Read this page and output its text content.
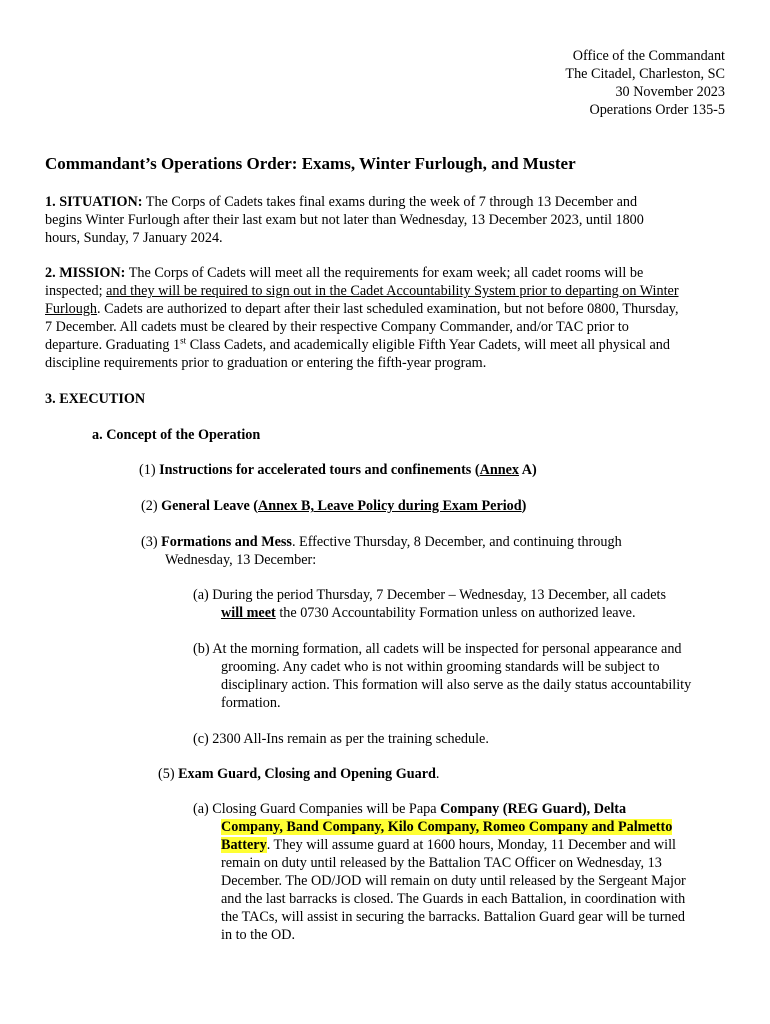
Office of the Commandant
The Citadel, Charleston, SC
30 November 2023
Operations Order 135-5
Commandant’s Operations Order: Exams, Winter Furlough, and Muster
1. SITUATION: The Corps of Cadets takes final exams during the week of 7 through 13 December and
begins Winter Furlough after their last exam but not later than Wednesday, 13 December 2023, until 1800
hours, Sunday, 7 January 2024.
2. MISSION: The Corps of Cadets will meet all the requirements for exam week; all cadet rooms will be
inspected; and they will be required to sign out in the Cadet Accountability System prior to departing on Winter
Furlough. Cadets are authorized to depart after their last scheduled examination, but not before 0800, Thursday,
7 December. All cadets must be cleared by their respective Company Commander, and/or TAC prior to
departure. Graduating 1st Class Cadets, and academically eligible Fifth Year Cadets, will meet all physical and
discipline requirements prior to graduation or entering the fifth-year program.
3. EXECUTION
a. Concept of the Operation
(1) Instructions for accelerated tours and confinements (Annex A)
(2) General Leave (Annex B, Leave Policy during Exam Period)
(3) Formations and Mess. Effective Thursday, 8 December, and continuing through
Wednesday, 13 December:
(a) During the period Thursday, 7 December – Wednesday, 13 December, all cadets
will meet the 0730 Accountability Formation unless on authorized leave.
(b) At the morning formation, all cadets will be inspected for personal appearance and
grooming. Any cadet who is not within grooming standards will be subject to
disciplinary action. This formation will also serve as the daily status accountability
formation.
(c) 2300 All-Ins remain as per the training schedule.
(5) Exam Guard, Closing and Opening Guard.
(a) Closing Guard Companies will be Papa Company (REG Guard), Delta
Company, Band Company, Kilo Company, Romeo Company and Palmetto
Battery. They will assume guard at 1600 hours, Monday, 11 December and will
remain on duty until released by the Battalion TAC Officer on Wednesday, 13
December. The OD/JOD will remain on duty until released by the Sergeant Major
and the last barracks is closed. The Guards in each Battalion, in coordination with
the TACs, will assist in securing the barracks. Battalion Guard gear will be turned
in to the OD.
